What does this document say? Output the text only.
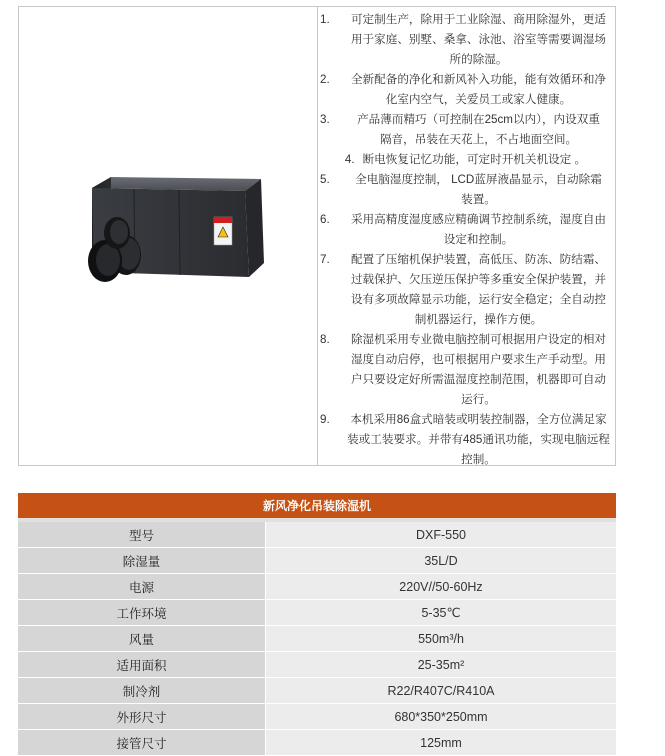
1.	可定制生产，除用于工业除湿、商用除湿外，更适
用于家庭、别墅、桑拿、泳池、浴室等需要调湿场
所的除湿。
2.	全新配备的净化和新风补入功能，能有效循环和净
化室内空气，关爱员工或家人健康。
3.	产品薄而精巧（可控制在25cm以内），内设双重
隔音，吊装在天花上，不占地面空间。
4. 断电恢复记忆功能，可定时开机关机设定 。
5.	全电脑湿度控制， LCD蓝屏液晶显示，自动除霜
装置。
6.	采用高精度湿度感应精确调节控制系统，湿度自由
设定和控制。
7.	配置了压缩机保护装置，高低压、防冻、防结霜、
过载保护、欠压逆压保护等多重安全保护装置，并
设有多项故障显示功能，运行安全稳定；全自动控
制机器运行，操作方便。
8.	除湿机采用专业微电脑控制可根据用户设定的相对
湿度自动启停，也可根据用户要求生产手动型。用
户只要设定好所需温湿度控制范围，机器即可自动
运行。
9.	本机采用86盒式暗装或明装控制器，全方位满足家
装或工装要求。并带有485通讯功能，实现电脑远程
控制。
新风净化吊装除湿机
型号	DXF-550
除湿量	35L/D
电源	220V//50-60Hz
工作环境	5-35℃
风量	550m³/h
适用面积	25-35m²
制冷剂	R22/R407C/R410A
外形尺寸	680*350*250mm
接管尺寸	125mm
